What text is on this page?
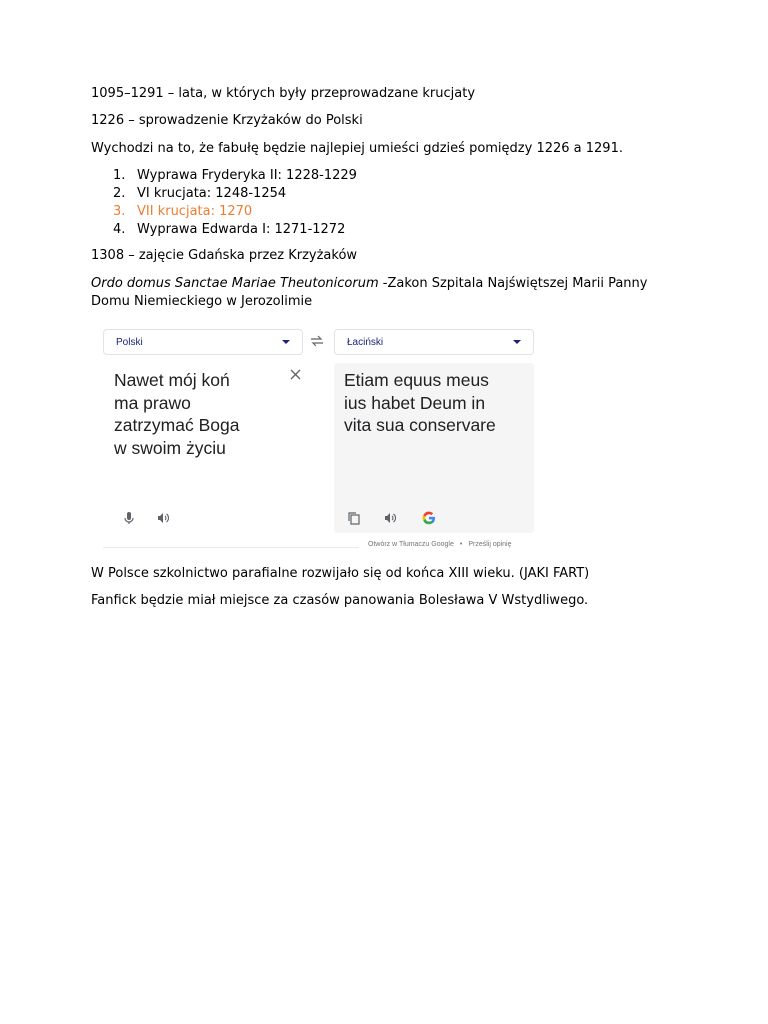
1095–1291 – lata, w których były przeprowadzane krucjaty
1226 – sprowadzenie Krzyżaków do Polski
Wychodzi na to, że fabułę będzie najlepiej umieści gdzieś pomiędzy 1226 a 1291.
1. Wyprawa Fryderyka II: 1228-1229
2. VI krucjata: 1248-1254
3. VII krucjata: 1270
4. Wyprawa Edwarda I: 1271-1272
1308 – zajęcie Gdańska przez Krzyżaków
Ordo domus Sanctae Mariae Theutonicorum -Zakon Szpitala Najświętszej Marii Panny Domu Niemieckiego w Jerozolimie
Polski	Łaciński
Nawet mój koń
ma prawo
zatrzymać Boga
w swoim życiu
Etiam equus meus
ius habet Deum in
vita sua conservare
Otwórz w Tłumaczu Google • Prześlij opinię
W Polsce szkolnictwo parafialne rozwijało się od końca XIII wieku. (JAKI FART)
Fanfick będzie miał miejsce za czasów panowania Bolesława V Wstydliwego.
